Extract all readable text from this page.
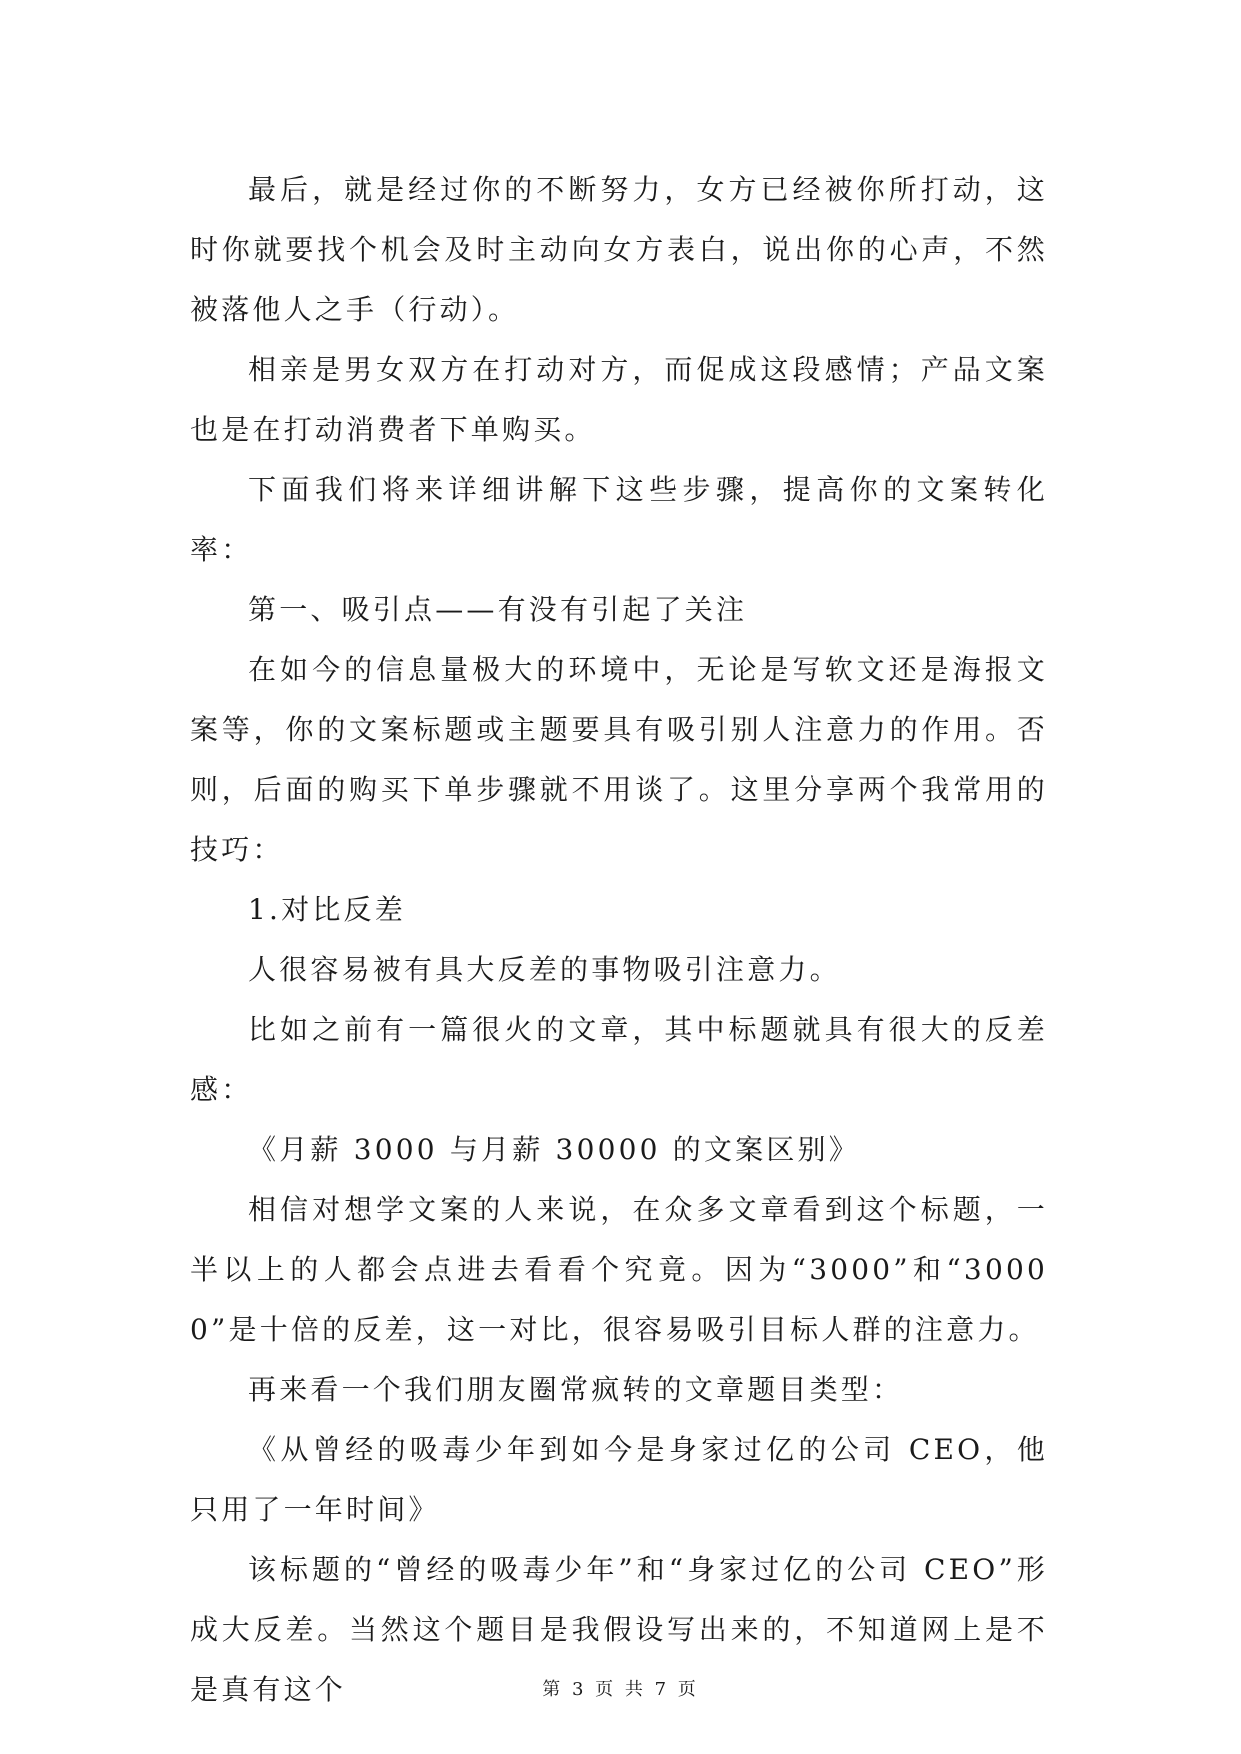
最后，就是经过你的不断努力，女方已经被你所打动，这时你就要找个机会及时主动向女方表白，说出你的心声，不然被落他人之手（行动）。

相亲是男女双方在打动对方，而促成这段感情；产品文案也是在打动消费者下单购买。

下面我们将来详细讲解下这些步骤，提高你的文案转化率：

第一、吸引点——有没有引起了关注

在如今的信息量极大的环境中，无论是写软文还是海报文案等，你的文案标题或主题要具有吸引别人注意力的作用。否则，后面的购买下单步骤就不用谈了。这里分享两个我常用的技巧：

1.对比反差

人很容易被有具大反差的事物吸引注意力。

比如之前有一篇很火的文章，其中标题就具有很大的反差感：

《月薪 3000 与月薪 30000 的文案区别》

相信对想学文案的人来说，在众多文章看到这个标题，一半以上的人都会点进去看看个究竟。因为“3000”和“30000”是十倍的反差，这一对比，很容易吸引目标人群的注意力。

再来看一个我们朋友圈常疯转的文章题目类型：

《从曾经的吸毒少年到如今是身家过亿的公司 CEO，他只用了一年时间》

该标题的“曾经的吸毒少年”和“身家过亿的公司 CEO”形成大反差。当然这个题目是我假设写出来的，不知道网上是不是真有这个	第 3 页 共 7 页
